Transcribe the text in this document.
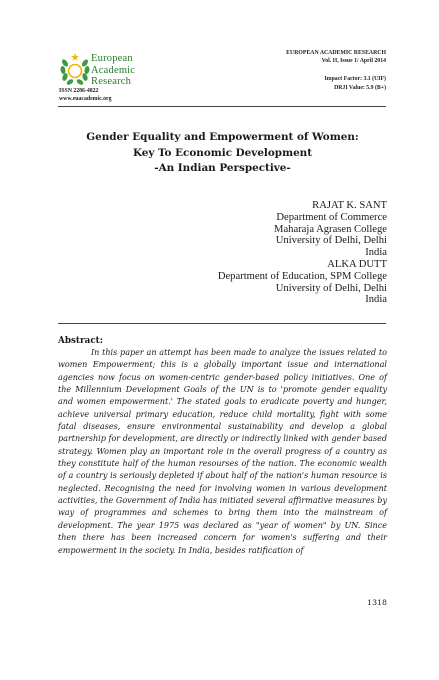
European
Academic
Research
ISSN 2286-4822
www.euacademic.org
EUROPEAN ACADEMIC RESEARCH
Vol. II, Issue 1/ April 2014
Impact Factor: 3.1 (UIF)
DRJI Value: 5.9 (B+)
Gender Equality and Empowerment of Women:
Key To Economic Development
-An Indian Perspective-
RAJAT K. SANT
Department of Commerce
Maharaja Agrasen College
University of Delhi, Delhi
India
ALKA DUTT
Department of Education, SPM College
University of Delhi, Delhi
India
Abstract:
In this paper an attempt has been made to analyze the issues related to women Empowerment; this is a globally important issue and international agencies now focus on women-centric gender-based policy initiatives. One of the Millennium Development Goals of the UN is to 'promote gender equality and women empowerment.' The stated goals to eradicate poverty and hunger, achieve universal primary education, reduce child mortality, fight with some fatal diseases, ensure environmental sustainability and develop a global partnership for development, are directly or indirectly linked with gender based strategy. Women play an important role in the overall progress of a country as they constitute half of the human resourses of the nation. The economic wealth of a country is seriously depleted if about half of the nation's human resource is neglected. Recognising the need for involving women in various development activities, the Government of India has initiated several affirmative measures by way of programmes and schemes to bring them into the mainstream of development. The year 1975 was declared as "year of women" by UN. Since then there has been increased concern for women's suffering and their empowerment in the society. In India, besides ratification of
1318
